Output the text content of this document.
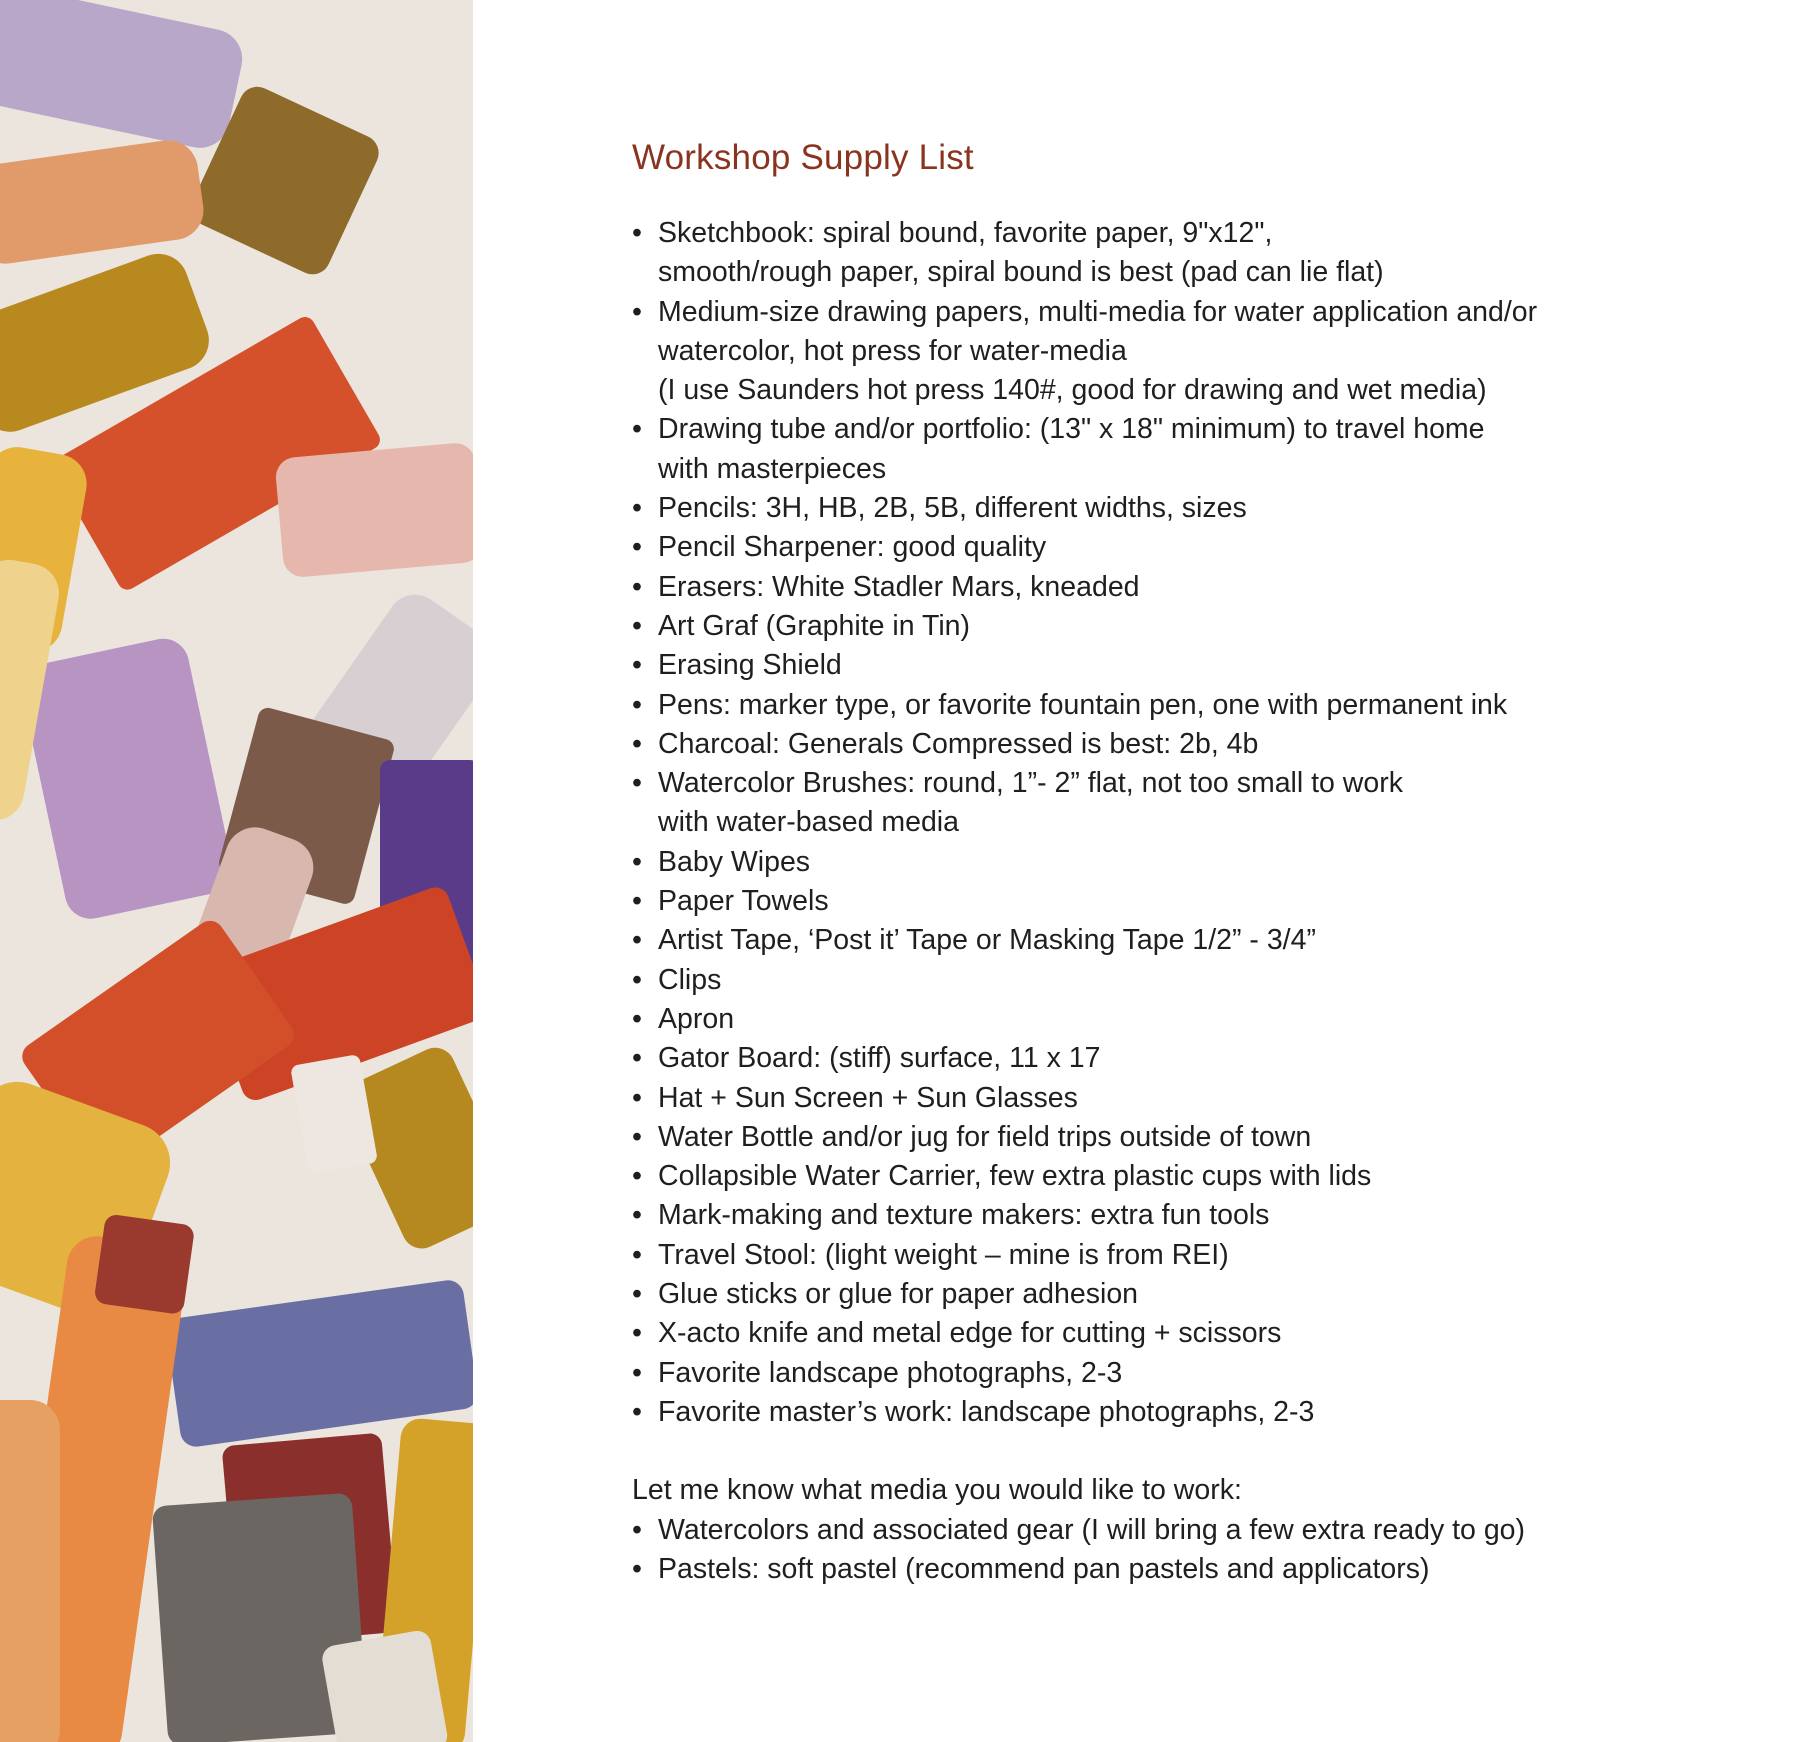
Workshop Supply List
• Sketchbook: spiral bound, favorite paper, 9"x12",
smooth/rough paper, spiral bound is best (pad can lie flat)
• Medium-size drawing papers, multi-media for water application and/or
watercolor, hot press for water-media
(I use Saunders hot press 140#, good for drawing and wet media)
• Drawing tube and/or portfolio: (13" x 18" minimum) to travel home
with masterpieces
• Pencils: 3H, HB, 2B, 5B, different widths, sizes
• Pencil Sharpener: good quality
• Erasers: White Stadler Mars, kneaded
• Art Graf (Graphite in Tin)
• Erasing Shield
• Pens: marker type, or favorite fountain pen, one with permanent ink
• Charcoal: Generals Compressed is best: 2b, 4b
• Watercolor Brushes: round, 1”- 2” flat, not too small to work
with water-based media
• Baby Wipes
• Paper Towels
• Artist Tape, ‘Post it’ Tape or Masking Tape 1/2” - 3/4”
• Clips
• Apron
• Gator Board: (stiff) surface, 11 x 17
• Hat + Sun Screen + Sun Glasses
• Water Bottle and/or jug for field trips outside of town
• Collapsible Water Carrier, few extra plastic cups with lids
• Mark-making and texture makers: extra fun tools
• Travel Stool: (light weight – mine is from REI)
• Glue sticks or glue for paper adhesion
• X-acto knife and metal edge for cutting + scissors
• Favorite landscape photographs, 2-3
• Favorite master’s work: landscape photographs, 2-3

Let me know what media you would like to work:

• Watercolors and associated gear (I will bring a few extra ready to go)
• Pastels: soft pastel (recommend pan pastels and applicators)
